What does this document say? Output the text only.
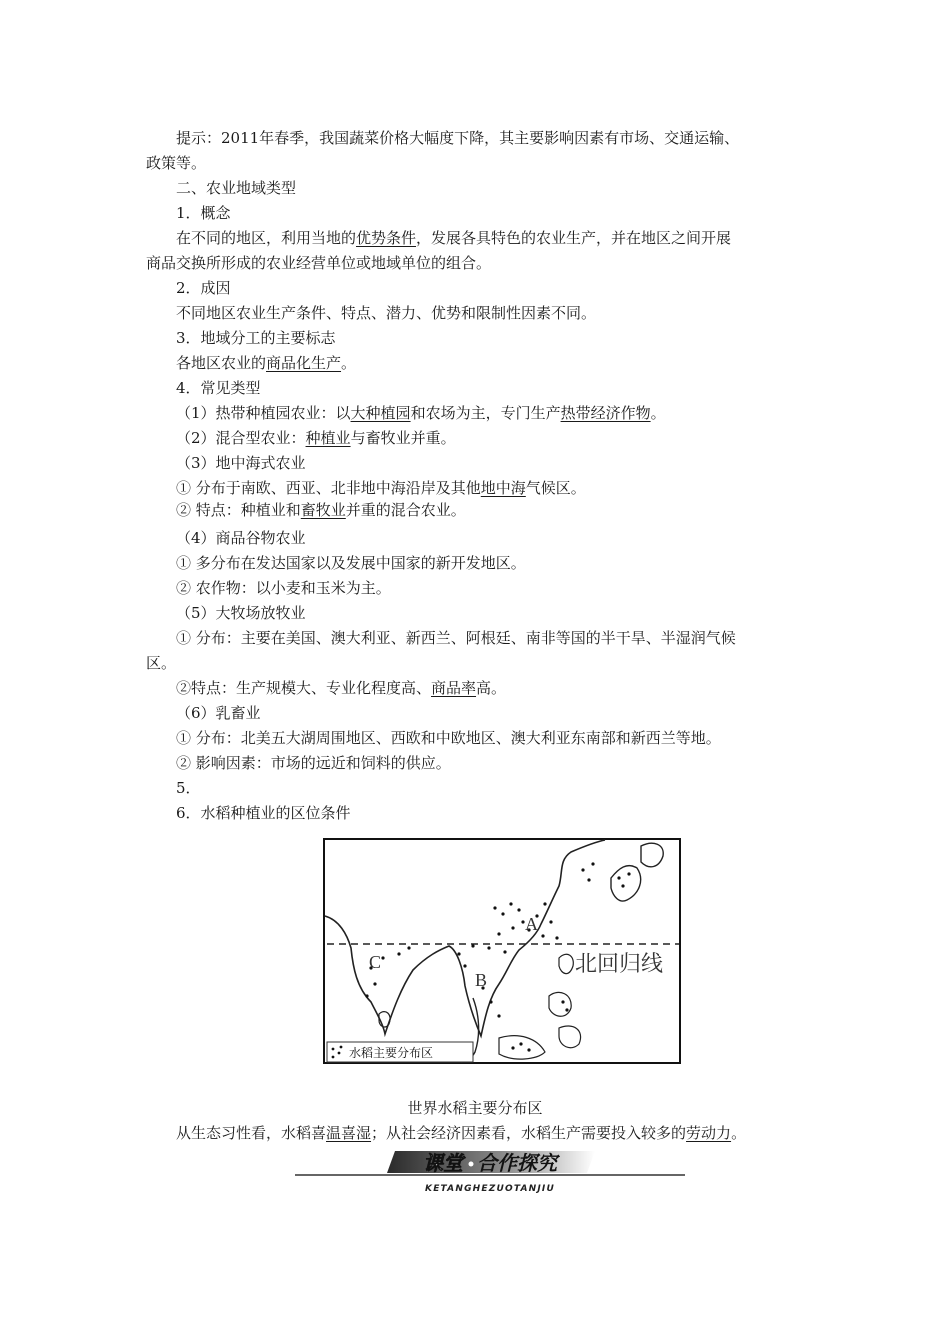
提示：2011年春季，我国蔬菜价格大幅度下降，其主要影响因素有市场、交通运输、
政策等。
二、农业地域类型
1．概念
在不同的地区，利用当地的优势条件，发展各具特色的农业生产，并在地区之间开展
商品交换所形成的农业经营单位或地域单位的组合。
2．成因
不同地区农业生产条件、特点、潜力、优势和限制性因素不同。
3．地域分工的主要标志
各地区农业的商品化生产。
4．常见类型
（1）热带种植园农业：以大种植园和农场为主，专门生产热带经济作物。
（2）混合型农业：种植业与畜牧业并重。
（3）地中海式农业
① 分布于南欧、西亚、北非地中海沿岸及其他地中海气候区。
② 特点：种植业和畜牧业并重的混合农业。
（4）商品谷物农业
① 多分布在发达国家以及发展中国家的新开发地区。
② 农作物：以小麦和玉米为主。
（5）大牧场放牧业
① 分布：主要在美国、澳大利亚、新西兰、阿根廷、南非等国的半干旱、半湿润气候
区。
②特点：生产规模大、专业化程度高、商品率高。
（6）乳畜业
① 分布：北美五大湖周围地区、西欧和中欧地区、澳大利亚东南部和新西兰等地。
② 影响因素：市场的远近和饲料的供应。
5．
6．水稻种植业的区位条件
A
B
C	北回归线
水稻主要分布区
世界水稻主要分布区
从生态习性看，水稻喜温喜湿；从社会经济因素看，水稻生产需要投入较多的劳动力。
课堂 合作探究
KETANGHEZUOTANJIU
